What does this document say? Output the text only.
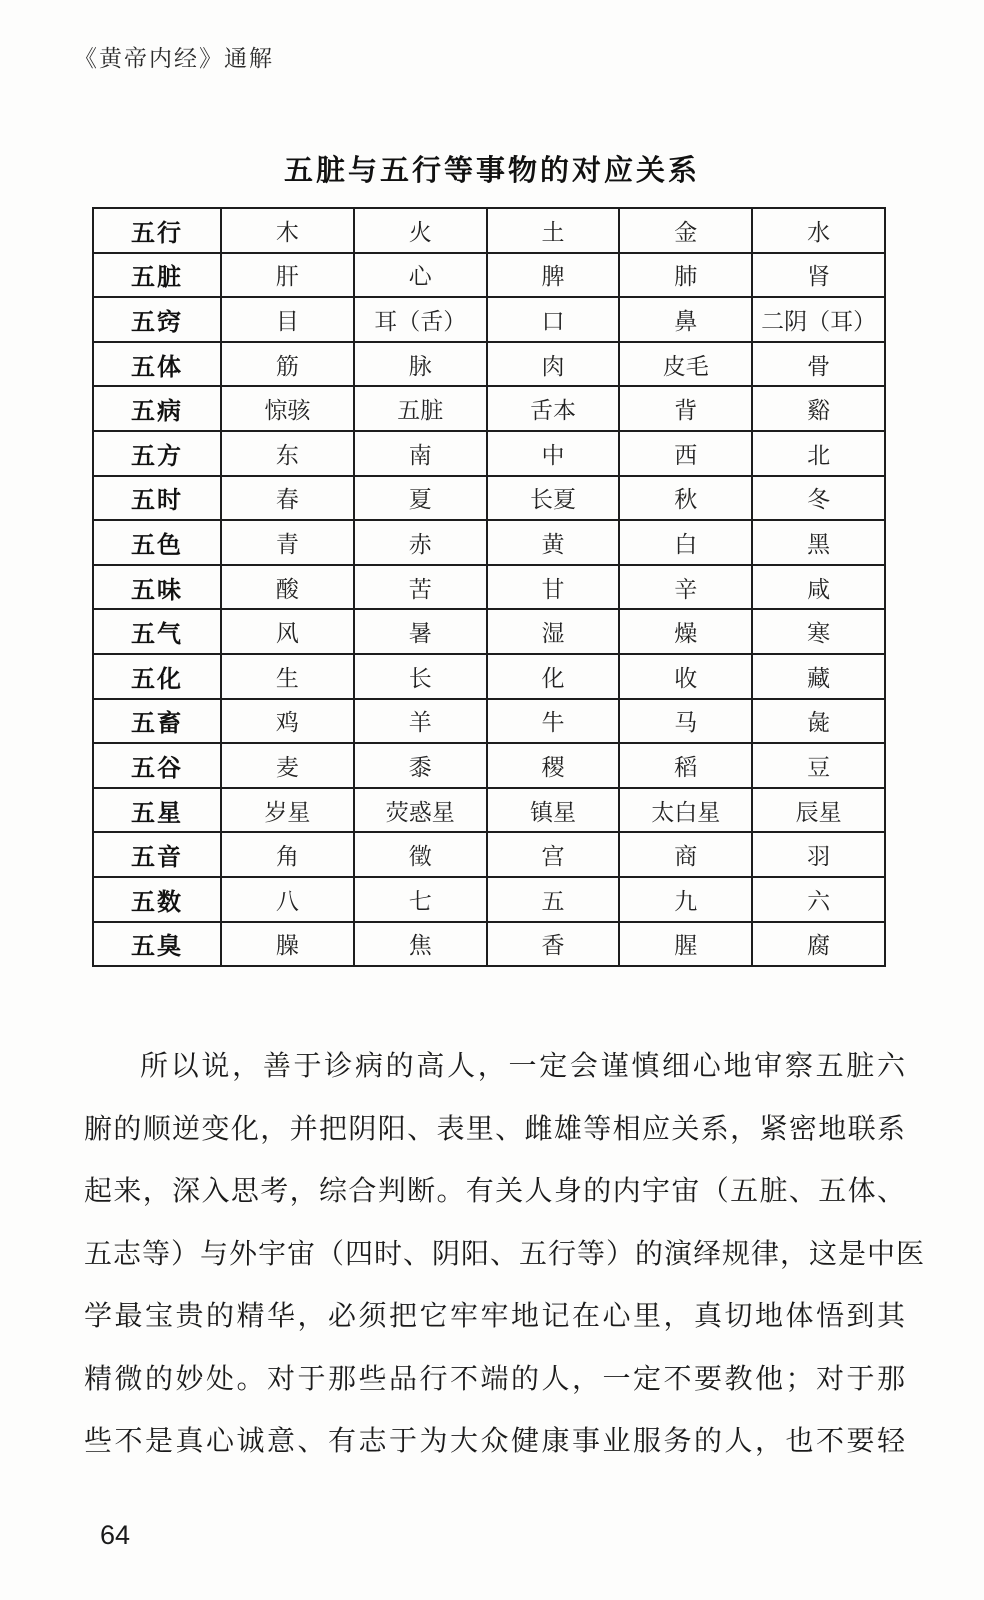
《黄帝内经》通解
五脏与五行等事物的对应关系
五行	木	火	土	金	水
五脏	肝	心	脾	肺	肾
五窍	目	耳（舌）	口	鼻	二阴（耳）
五体	筋	脉	肉	皮毛	骨
五病	惊骇	五脏	舌本	背	谿
五方	东	南	中	西	北
五时	春	夏	长夏	秋	冬
五色	青	赤	黄	白	黑
五味	酸	苦	甘	辛	咸
五气	风	暑	湿	燥	寒
五化	生	长	化	收	藏
五畜	鸡	羊	牛	马	彘
五谷	麦	黍	稷	稻	豆
五星	岁星	荧惑星	镇星	太白星	辰星
五音	角	徵	宫	商	羽
五数	八	七	五	九	六
五臭	臊	焦	香	腥	腐
所以说，善于诊病的高人，一定会谨慎细心地审察五脏六
腑的顺逆变化，并把阴阳、表里、雌雄等相应关系，紧密地联系
起来，深入思考，综合判断。有关人身的内宇宙（五脏、五体、
五志等）与外宇宙（四时、阴阳、五行等）的演绎规律，这是中医
学最宝贵的精华，必须把它牢牢地记在心里，真切地体悟到其
精微的妙处。对于那些品行不端的人，一定不要教他；对于那
些不是真心诚意、有志于为大众健康事业服务的人，也不要轻
64
